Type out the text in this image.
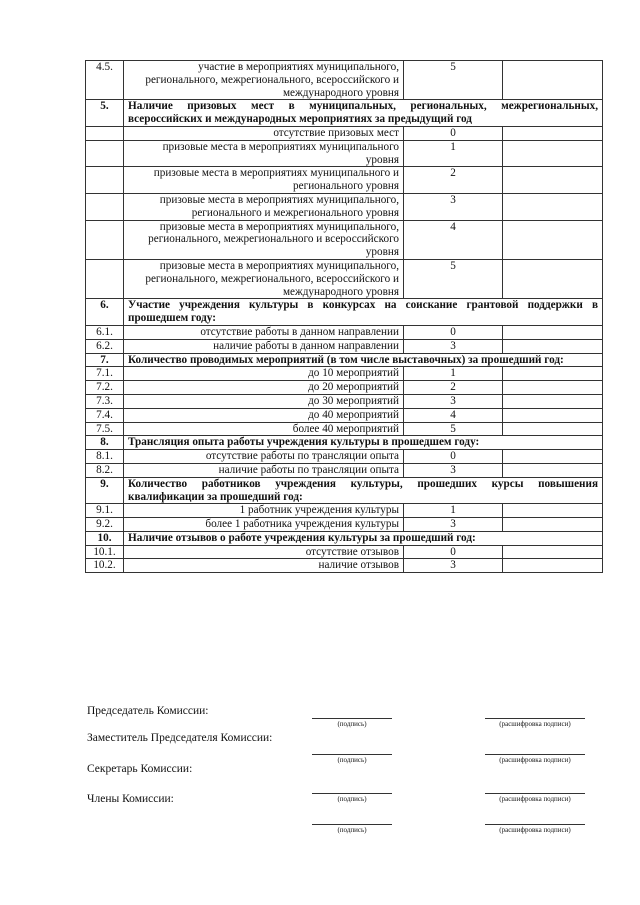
4.5.	участие в мероприятиях муниципального, регионального, межрегионального, всероссийского и международного уровня	5	
5.	Наличие призовых мест в муниципальных, региональных, межрегиональных, всероссийских и международных мероприятиях за предыдущий год		
	отсутствие призовых мест	0	
	призовые места в мероприятиях муниципального уровня	1	
	призовые места в мероприятиях муниципального и регионального уровня	2	
	призовые места в мероприятиях муниципального, регионального и межрегионального уровня	3	
	призовые места в мероприятиях муниципального, регионального, межрегионального и всероссийского уровня	4	
	призовые места в мероприятиях муниципального, регионального, межрегионального, всероссийского и международного уровня	5	
6.	Участие учреждения культуры в конкурсах на соискание грантовой поддержки в прошедшем году:		
6.1.	отсутствие работы в данном направлении	0	
6.2.	наличие работы в данном направлении	3	
7.	Количество проводимых мероприятий (в том числе выставочных) за прошедший год:		
7.1.	до 10 мероприятий	1	
7.2.	до 20 мероприятий	2	
7.3.	до 30 мероприятий	3	
7.4.	до 40 мероприятий	4	
7.5.	более 40 мероприятий	5	
8.	Трансляция опыта работы учреждения культуры в прошедшем году:		
8.1.	отсутствие работы по трансляции опыта	0	
8.2.	наличие работы по трансляции опыта	3	
9.	Количество работников учреждения культуры, прошедших курсы повышения квалификации за прошедший год:		
9.1.	1 работник учреждения культуры	1	
9.2.	более 1 работника учреждения культуры	3	
10.	Наличие отзывов о работе учреждения культуры за прошедший год:		
10.1.	отсутствие отзывов	0	
10.2.	наличие отзывов	3	
Председатель Комиссии:
Заместитель Председателя Комиссии:
Секретарь Комиссии:
Члены Комиссии:
(подпись)	(расшифровка подписи)
(подпись)	(расшифровка подписи)
(подпись)	(расшифровка подписи)
(подпись)	(расшифровка подписи)
